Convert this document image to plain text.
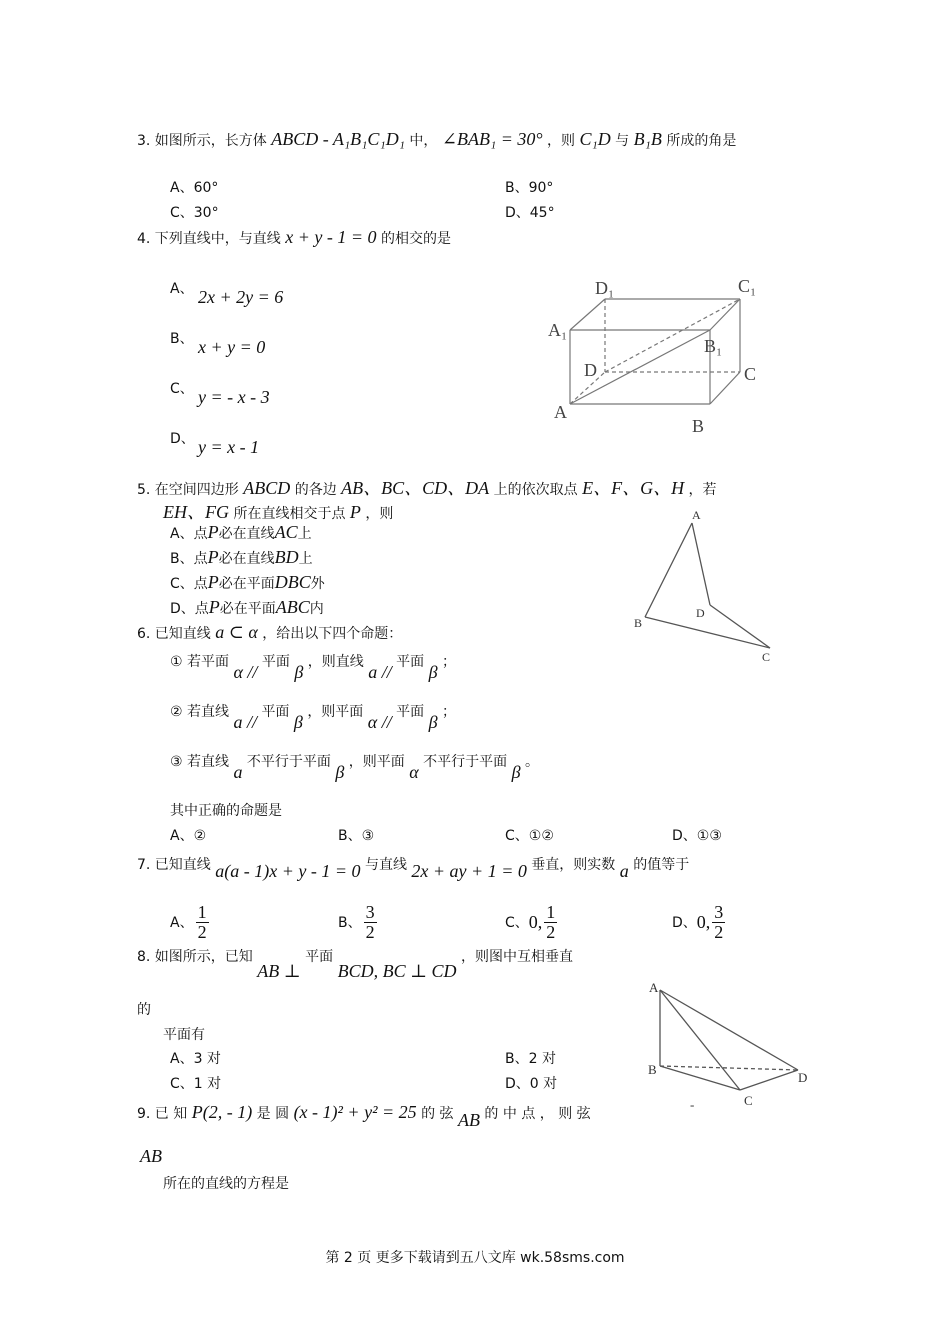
3. 如图所示，长方体 ABCD - A₁B₁C₁D₁ 中， ∠BAB₁ = 30° ，则 C₁D 与 B₁B 所成的角是
A、60°	B、90°
C、30°	D、45°
4. 下列直线中，与直线 x + y - 1 = 0 的相交的是
A、 2x + 2y = 6
B、 x + y = 0
C、 y = - x - 3
D、 y = x - 1
D₁	C₁
A₁
B₁
D	C
A
B
5. 在空间四边形 ABCD 的各边 AB、BC、CD、DA 上的依次取点 E、F、G、H ，若
EH、FG 所在直线相交于点 P ，则
A、点P必在直线AC上
B、点P必在直线BD上
C、点P必在平面DBC外
D、点P必在平面ABC内
A
B
D
C
6. 已知直线 a ⊂ α ，给出以下四个命题：
① 若平面 α // 平面 β ，则直线 a // 平面 β ；
② 若直线 a // 平面 β ，则平面 α // 平面 β ；
③ 若直线 a 不平行于平面 β ，则平面 α 不平行于平面 β 。
其中正确的命题是
A、②	B、③	C、①②	D、①③
7. 已知直线 a(a - 1)x + y - 1 = 0 与直线 2x + ay + 1 = 0 垂直，则实数 a 的值等于
A、 $\frac{1}{2}$	B、 $\frac{3}{2}$	C、 0, $\frac{1}{2}$	D、 0, $\frac{3}{2}$
8. 如图所示，已知 AB ⊥ 平面 BCD, BC ⊥ CD ，则图中互相垂直
的
平面有
A、3 对	B、2 对
C、1 对	D、0 对
A
B
D
C
-
9. 已 知 P(2, - 1) 是 圆 (x - 1)² + y² = 25 的 弦 AB 的 中 点 ， 则 弦
AB
所在的直线的方程是
第 2 页 更多下载请到五八文库 wk.58sms.com
